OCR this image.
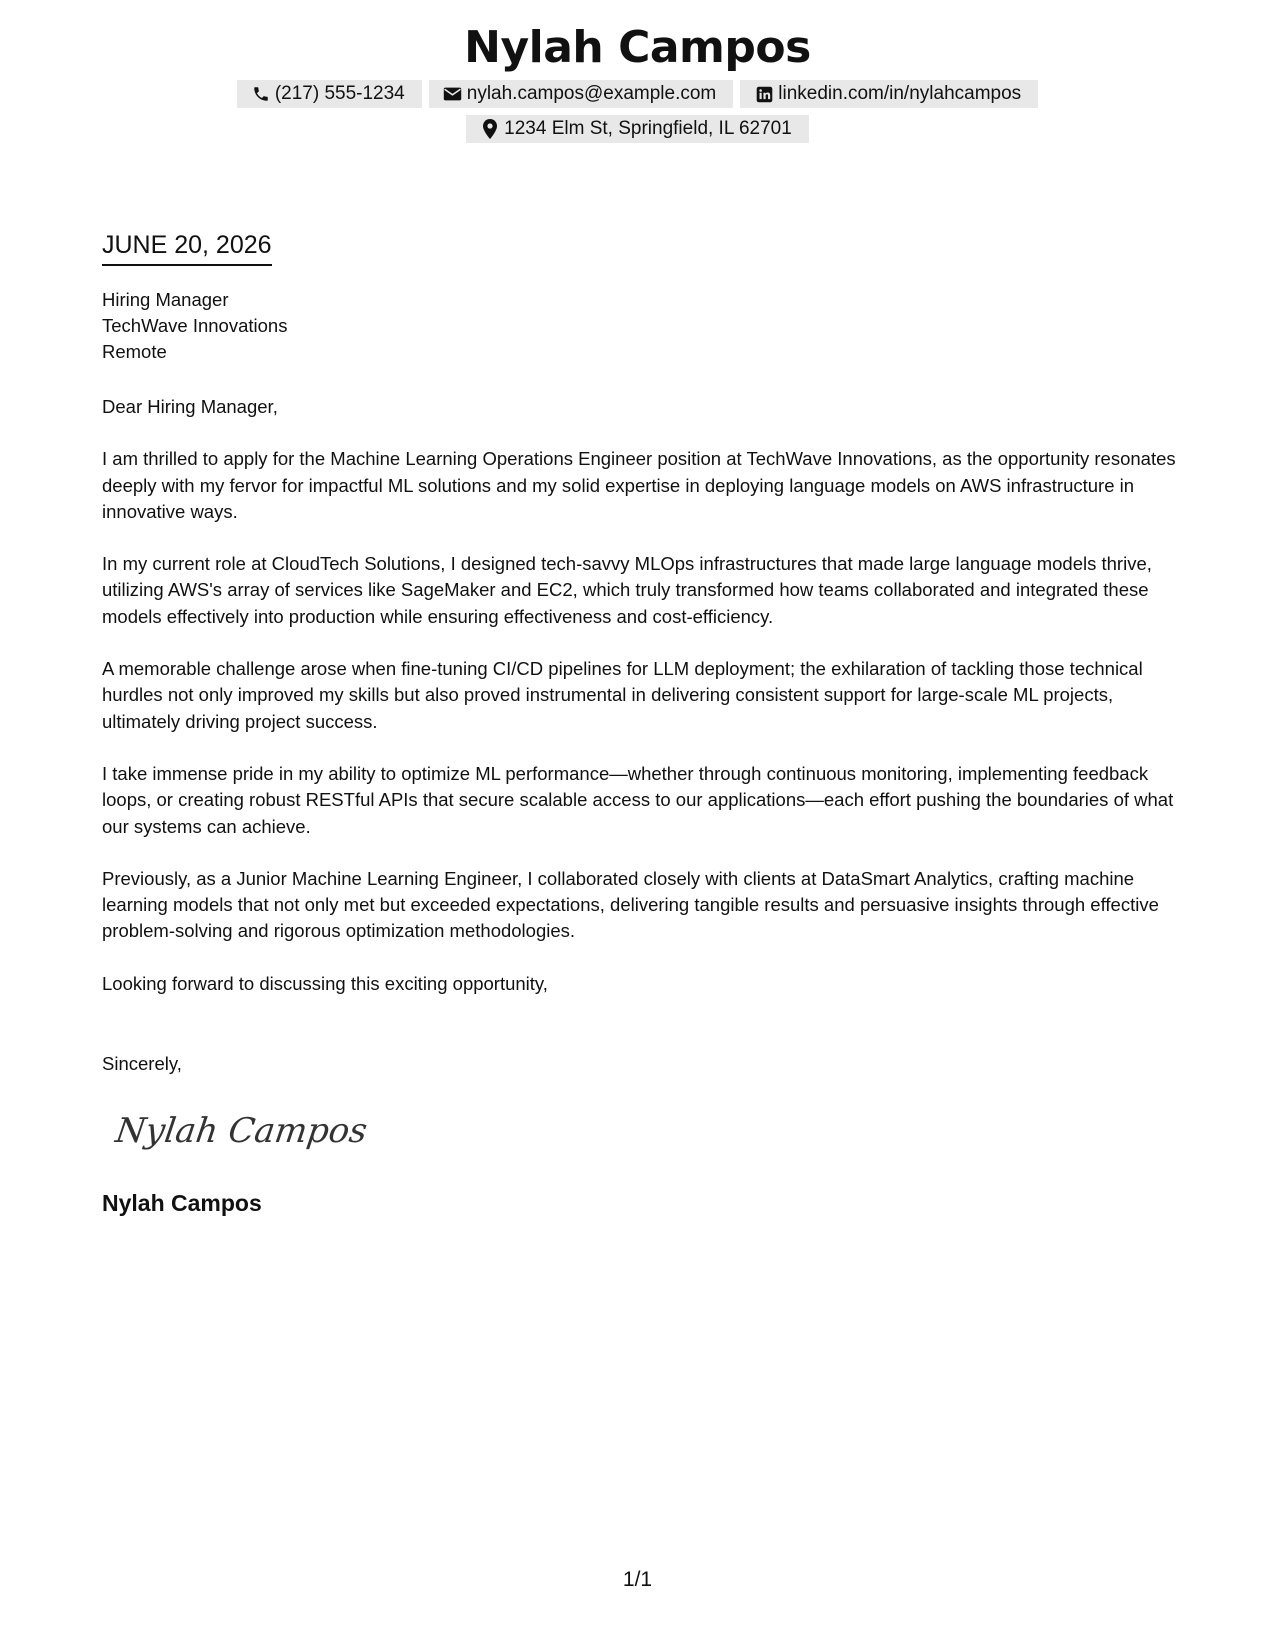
Nylah Campos
(217) 555-1234	nylah.campos@example.com	linkedin.com/in/nylahcampos
1234 Elm St, Springfield, IL 62701
JUNE 20, 2026
Hiring Manager
TechWave Innovations
Remote
Dear Hiring Manager,

I am thrilled to apply for the Machine Learning Operations Engineer position at TechWave Innovations, as the opportunity resonates deeply with my fervor for impactful ML solutions and my solid expertise in deploying language models on AWS infrastructure in innovative ways.

In my current role at CloudTech Solutions, I designed tech-savvy MLOps infrastructures that made large language models thrive, utilizing AWS's array of services like SageMaker and EC2, which truly transformed how teams collaborated and integrated these models effectively into production while ensuring effectiveness and cost-efficiency.

A memorable challenge arose when fine-tuning CI/CD pipelines for LLM deployment; the exhilaration of tackling those technical hurdles not only improved my skills but also proved instrumental in delivering consistent support for large-scale ML projects, ultimately driving project success.

I take immense pride in my ability to optimize ML performance—whether through continuous monitoring, implementing feedback loops, or creating robust RESTful APIs that secure scalable access to our applications—each effort pushing the boundaries of what our systems can achieve.

Previously, as a Junior Machine Learning Engineer, I collaborated closely with clients at DataSmart Analytics, crafting machine learning models that not only met but exceeded expectations, delivering tangible results and persuasive insights through effective problem-solving and rigorous optimization methodologies.

Looking forward to discussing this exciting opportunity,

Sincerely,
Nylah Campos
Nylah Campos
1/1
